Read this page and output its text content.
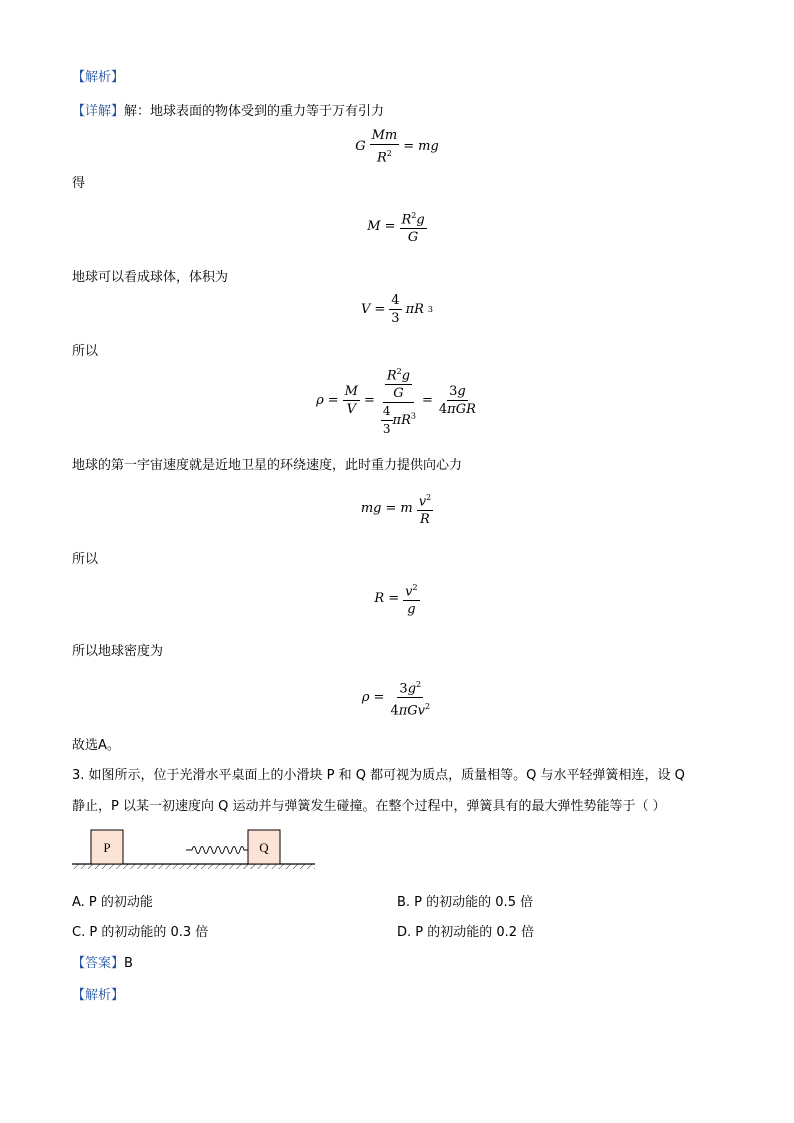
【解析】
【详解】解：地球表面的物体受到的重力等于万有引力
G $\frac{Mm}{R^2}$ = mg
得
$M = \frac{R^2g}{G}$
地球可以看成球体，体积为
$V = \frac{4}{3}$ πR 3
所以
$\rho = \frac{M}{V} = \frac{\frac{R^2g}{G}}{\frac{4}{3} \pi R^3} = \frac{3g}{\text{4πGR}}$
地球的第一宇宙速度就是近地卫星的环绕速度，此时重力提供向心力
mg = m $\frac{v^2}{R}$
所以
$R = \frac{v^2}{g}$
所以地球密度为
$\rho = \frac{3g^2}{4\pi Gv^2}$
故选A。
3. 如图所示，位于光滑水平桌面上的小滑块 P 和 Q 都可视为质点，质量相等。Q 与水平轻弹簧相连，设 Q
静止，P 以某一初速度向 Q 运动并与弹簧发生碰撞。在整个过程中，弹簧具有的最大弹性势能等于（ ）
P	Q
A. P 的初动能	B. P 的初动能的 0.5 倍
C. P 的初动能的 0.3 倍	D. P 的初动能的 0.2 倍
【答案】B
【解析】
